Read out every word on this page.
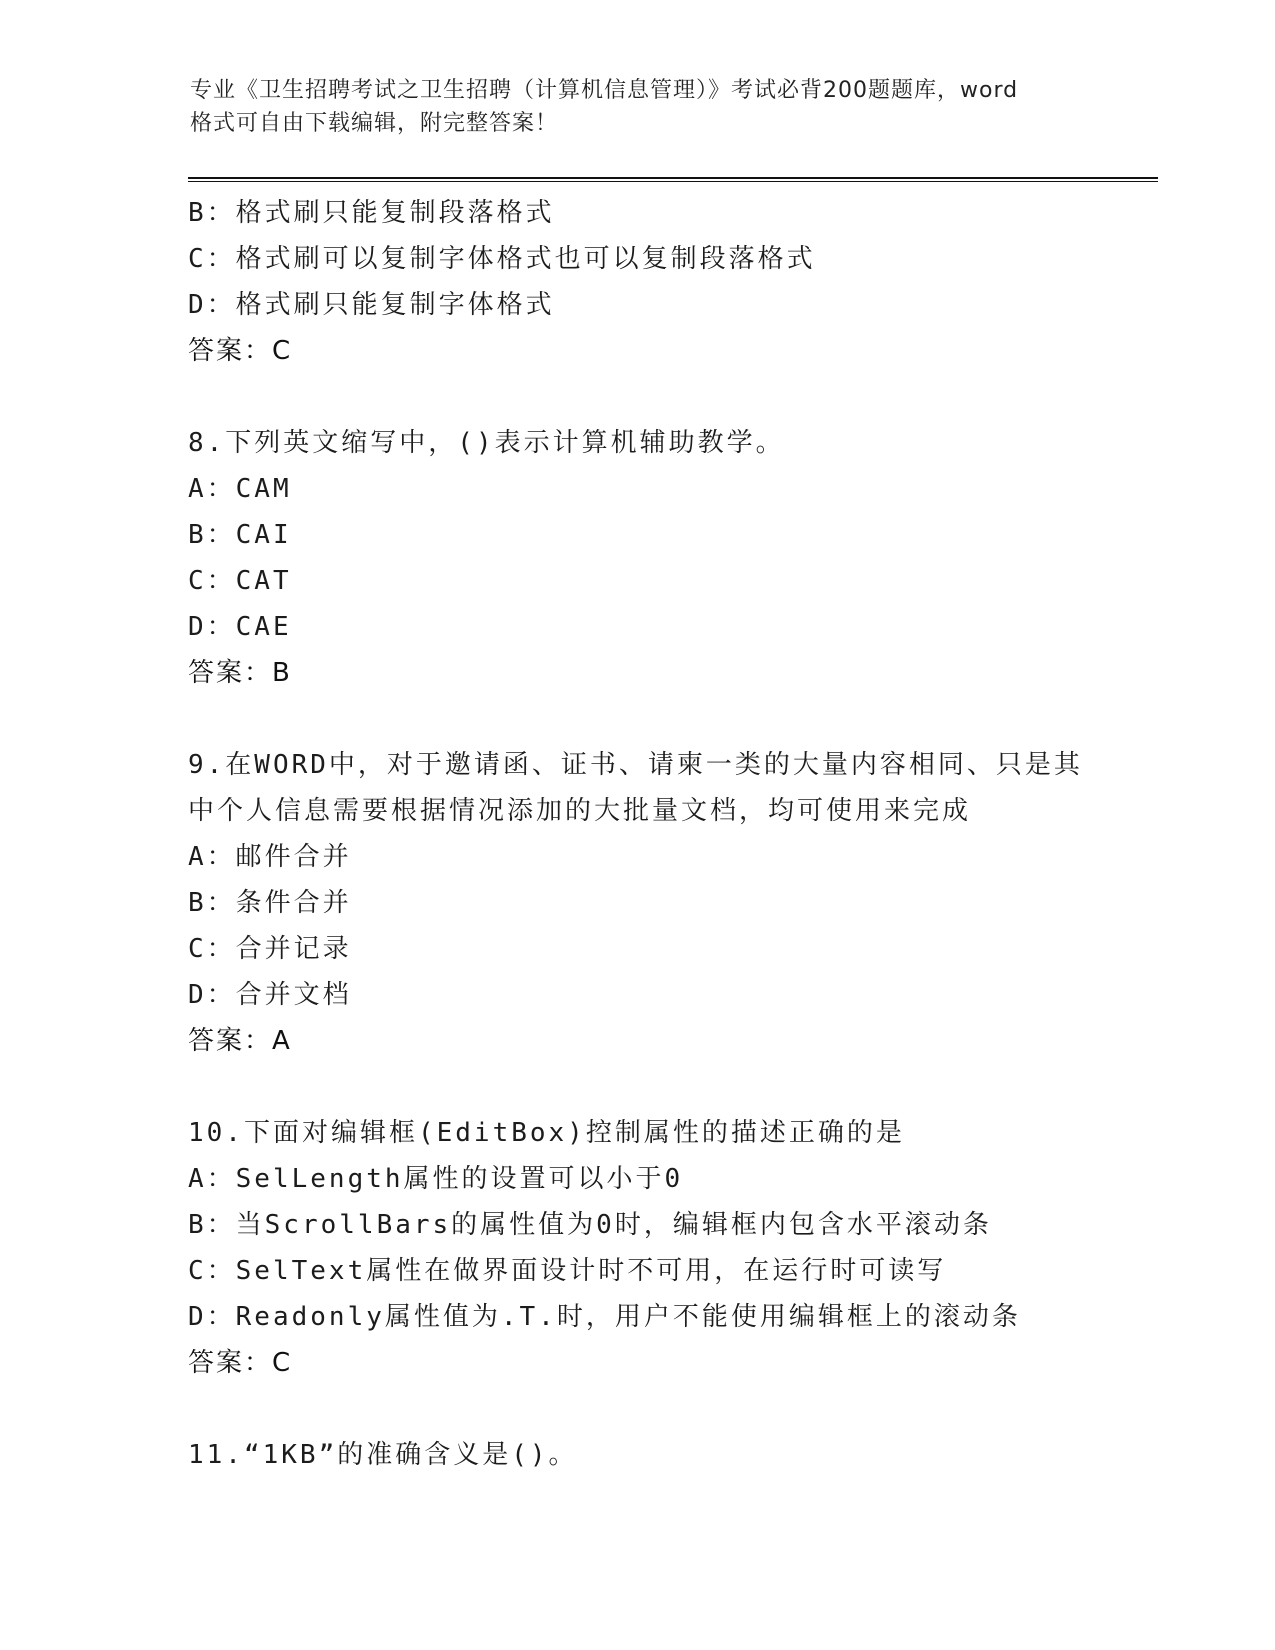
专业《卫生招聘考试之卫生招聘（计算机信息管理）》考试必背200题题库，word
格式可自由下载编辑，附完整答案！
B：格式刷只能复制段落格式
C：格式刷可以复制字体格式也可以复制段落格式
D：格式刷只能复制字体格式
答案：C
8.下列英文缩写中，()表示计算机辅助教学。
A：CAM
B：CAI
C：CAT
D：CAE
答案：B
9.在WORD中，对于邀请函、证书、请柬一类的大量内容相同、只是其
中个人信息需要根据情况添加的大批量文档，均可使用来完成
A：邮件合并
B：条件合并
C：合并记录
D：合并文档
答案：A
10.下面对编辑框(EditBox)控制属性的描述正确的是
A：SelLength属性的设置可以小于0
B：当ScrollBars的属性值为0时，编辑框内包含水平滚动条
C：SelText属性在做界面设计时不可用，在运行时可读写
D：Readonly属性值为.T.时，用户不能使用编辑框上的滚动条
答案：C
11.“1KB”的准确含义是()。
